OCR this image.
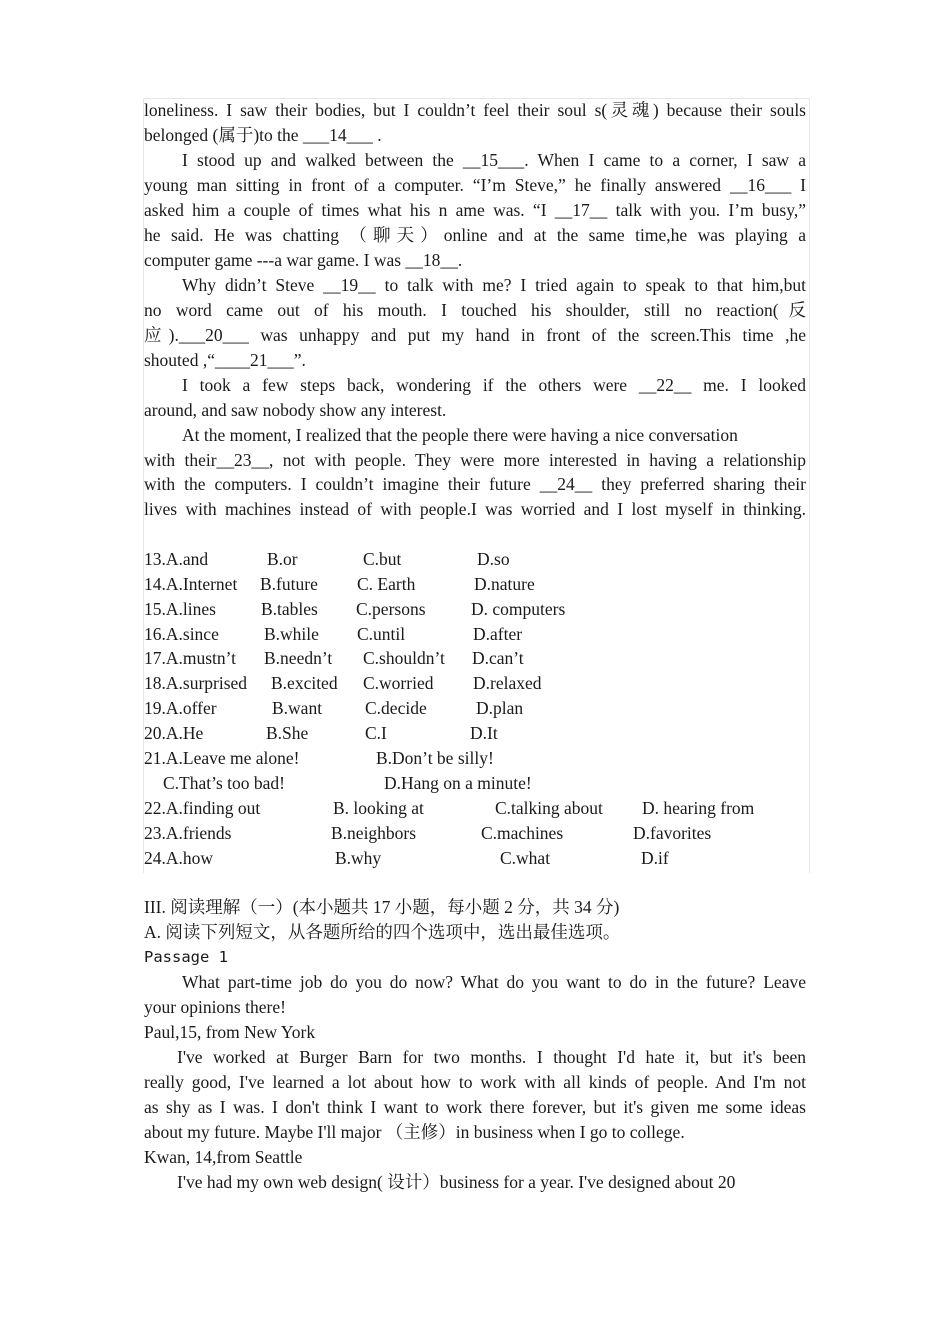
loneliness. I saw their bodies, but I couldn’t feel their soul s(灵魂) because their souls
belonged (属于)to the ___14___ .
I stood up and walked between the __15___. When I came to a corner, I saw a
young man sitting in front of a computer. “I’m Steve,” he finally answered __16___ I
asked him a couple of times what his n ame was. “I __17__ talk with you. I’m busy,”
he said. He was chatting （聊天）online and at the same time,he was playing a
computer game ---a war game. I was __18__.
Why didn’t Steve __19__ to talk with me? I tried again to speak to that him,but
no word came out of his mouth. I touched his shoulder, still no reaction(反
应).___20___ was unhappy and put my hand in front of the screen.This time ,he
shouted ,“____21___”.
I took a few steps back, wondering if the others were __22__ me. I looked
around, and saw nobody show any interest.
At the moment, I realized that the people there were having a nice conversation
with their__23__, not with people. They were more interested in having a relationship
with the computers. I couldn’t imagine their future __24__ they preferred sharing their
lives with machines instead of with people.I was worried and I lost myself in thinking.
13.A.and	B.or	C.but	D.so
14.A.Internet B.future C. Earth	D.nature
15.A.lines	B.tables C.persons	D. computers
16.A.since	B.while C.until	D.after
17.A.mustn’t B.needn’t C.shouldn’t D.can’t
18.A.surprised B.excited C.worried D.relaxed
19.A.offer	B.want C.decide	D.plan
20.A.He	B.She	C.I	D.It
21.A.Leave me alone!	B.Don’t be silly!
C.That’s too bad!	D.Hang on a minute!
22.A.finding out	B. looking at	C.talking about D. hearing from
23.A.friends	B.neighbors	C.machines	D.favorites
24.A.how	B.why	C.what	D.if
III. 阅读理解（一）(本小题共 17 小题，每小题 2 分，共 34 分)
A. 阅读下列短文，从各题所给的四个选项中，选出最佳选项。
Passage 1
What part-time job do you do now? What do you want to do in the future? Leave
your opinions there!
Paul,15, from New York
I've worked at Burger Barn for two months. I thought I'd hate it, but it's been
really good, I've learned a lot about how to work with all kinds of people. And I'm not
as shy as I was. I don't think I want to work there forever, but it's given me some ideas
about my future. Maybe I'll major （主修）in business when I go to college.
Kwan, 14,from Seattle
I've had my own web design( 设计）business for a year. I've designed about 20
